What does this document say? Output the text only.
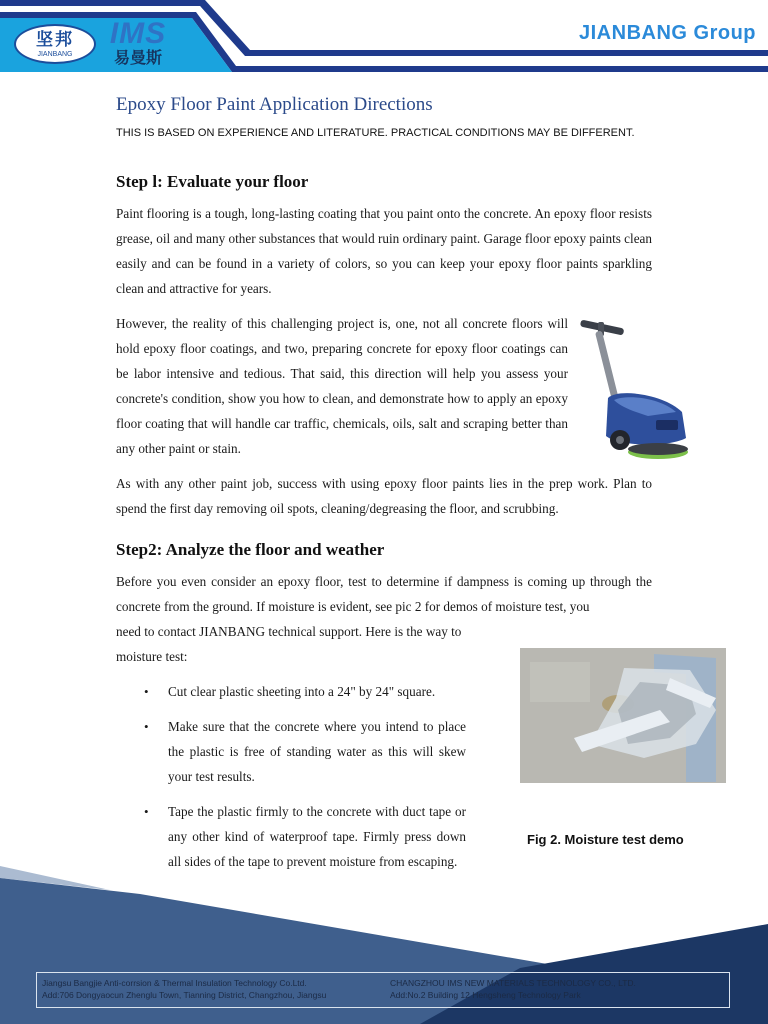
坚邦
JIANBANG
IMS
易曼斯
JIANBANG Group
Epoxy Floor Paint Application Directions
THIS IS BASED ON EXPERIENCE AND LITERATURE. PRACTICAL CONDITIONS MAY BE DIFFERENT.
Step l: Evaluate your floor

Paint flooring is a tough, long-lasting coating that you paint onto the concrete. An epoxy floor resists grease, oil and many other substances that would ruin ordinary paint. Garage floor epoxy paints clean easily and can be found in a variety of colors, so you can keep your epoxy floor paints sparkling clean and attractive for years.

However, the reality of this challenging project is, one, not all concrete floors will hold epoxy floor coatings, and two, preparing concrete for epoxy floor coatings can be labor intensive and tedious. That said, this direction will help you assess your concrete's condition, show you how to clean, and demonstrate how to apply an epoxy floor coating that will handle car traffic, chemicals, oils, salt and scraping better than any other paint or stain.

As with any other paint job, success with using epoxy floor paints lies in the prep work. Plan to spend the first day removing oil spots, cleaning/degreasing the floor, and scrubbing.

Step2: Analyze the floor and weather

Before you even consider an epoxy floor, test to determine if dampness is coming up through the concrete from the ground. If moisture is evident, see pic 2 for demos of moisture test, you

need to contact JIANBANG technical support. Here is the way to

moisture test:

Fig 2. Moisture test demo
• Cut clear plastic sheeting into a 24" by 24" square.

• Make sure that the concrete where you intend to place the plastic is free of standing water as this will skew your test results.

• Tape the plastic firmly to the concrete with duct tape or any other kind of waterproof tape. Firmly press down all sides of the tape to prevent moisture from escaping.

Jiangsu Bangjie Anti-corrsion & Thermal Insulation Technology Co.Ltd.
Add:706 Dongyaocun Zhenglu Town, Tianning District, Changzhou, Jiangsu
CHANGZHOU IMS NEW MATERIALS TECHNOLOGY CO., LTD.
Add:No.2 Building 12 Hengsheng Technology Park
